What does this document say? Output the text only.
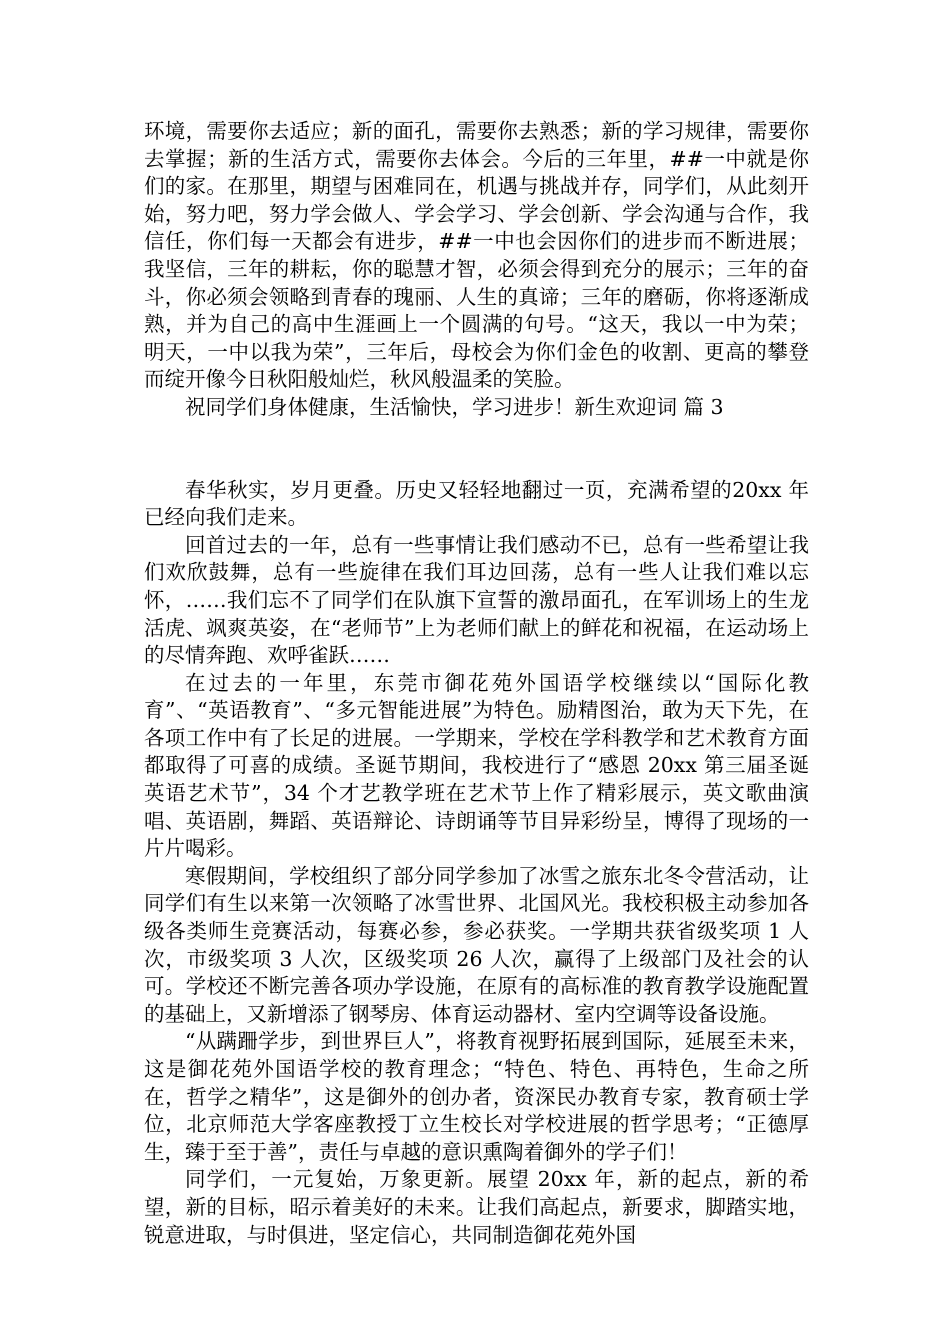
环境，需要你去适应；新的面孔，需要你去熟悉；新的学习规律，需要你去掌握；新的生活方式，需要你去体会。今后的三年里，##一中就是你们的家。在那里，期望与困难同在，机遇与挑战并存，同学们，从此刻开始，努力吧，努力学会做人、学会学习、学会创新、学会沟通与合作，我信任，你们每一天都会有进步，##一中也会因你们的进步而不断进展；我坚信，三年的耕耘，你的聪慧才智，必须会得到充分的展示；三年的奋斗，你必须会领略到青春的瑰丽、人生的真谛；三年的磨砺，你将逐渐成熟，并为自己的高中生涯画上一个圆满的句号。“这天，我以一中为荣；明天，一中以我为荣”，三年后，母校会为你们金色的收割、更高的攀登而绽开像今日秋阳般灿烂，秋风般温柔的笑脸。

祝同学们身体健康，生活愉快，学习进步！新生欢迎词 篇 3

春华秋实，岁月更叠。历史又轻轻地翻过一页，充满希望的20xx 年已经向我们走来。

回首过去的一年，总有一些事情让我们感动不已，总有一些希望让我们欢欣鼓舞，总有一些旋律在我们耳边回荡，总有一些人让我们难以忘怀，……我们忘不了同学们在队旗下宣誓的激昂面孔，在军训场上的生龙活虎、飒爽英姿，在“老师节”上为老师们献上的鲜花和祝福，在运动场上的尽情奔跑、欢呼雀跃……

在过去的一年里，东莞市御花苑外国语学校继续以“国际化教育”、“英语教育”、“多元智能进展”为特色。励精图治，敢为天下先，在各项工作中有了长足的进展。一学期来，学校在学科教学和艺术教育方面都取得了可喜的成绩。圣诞节期间，我校进行了“感恩 20xx 第三届圣诞英语艺术节”，34 个才艺教学班在艺术节上作了精彩展示，英文歌曲演唱、英语剧，舞蹈、英语辩论、诗朗诵等节目异彩纷呈，博得了现场的一片片喝彩。

寒假期间，学校组织了部分同学参加了冰雪之旅东北冬令营活动，让同学们有生以来第一次领略了冰雪世界、北国风光。我校积极主动参加各级各类师生竞赛活动，每赛必参，参必获奖。一学期共获省级奖项 1 人次，市级奖项 3 人次，区级奖项 26 人次，赢得了上级部门及社会的认可。学校还不断完善各项办学设施，在原有的高标准的教育教学设施配置的基础上，又新增添了钢琴房、体育运动器材、室内空调等设备设施。

“从蹒跚学步，到世界巨人”，将教育视野拓展到国际，延展至未来，这是御花苑外国语学校的教育理念；“特色、特色、再特色，生命之所在，哲学之精华”，这是御外的创办者，资深民办教育专家，教育硕士学位，北京师范大学客座教授丁立生校长对学校进展的哲学思考；“正德厚生，臻于至于善”，责任与卓越的意识熏陶着御外的学子们！

同学们，一元复始，万象更新。展望 20xx 年，新的起点，新的希望，新的目标，昭示着美好的未来。让我们高起点，新要求，脚踏实地，锐意进取，与时俱进，坚定信心，共同制造御花苑外国
